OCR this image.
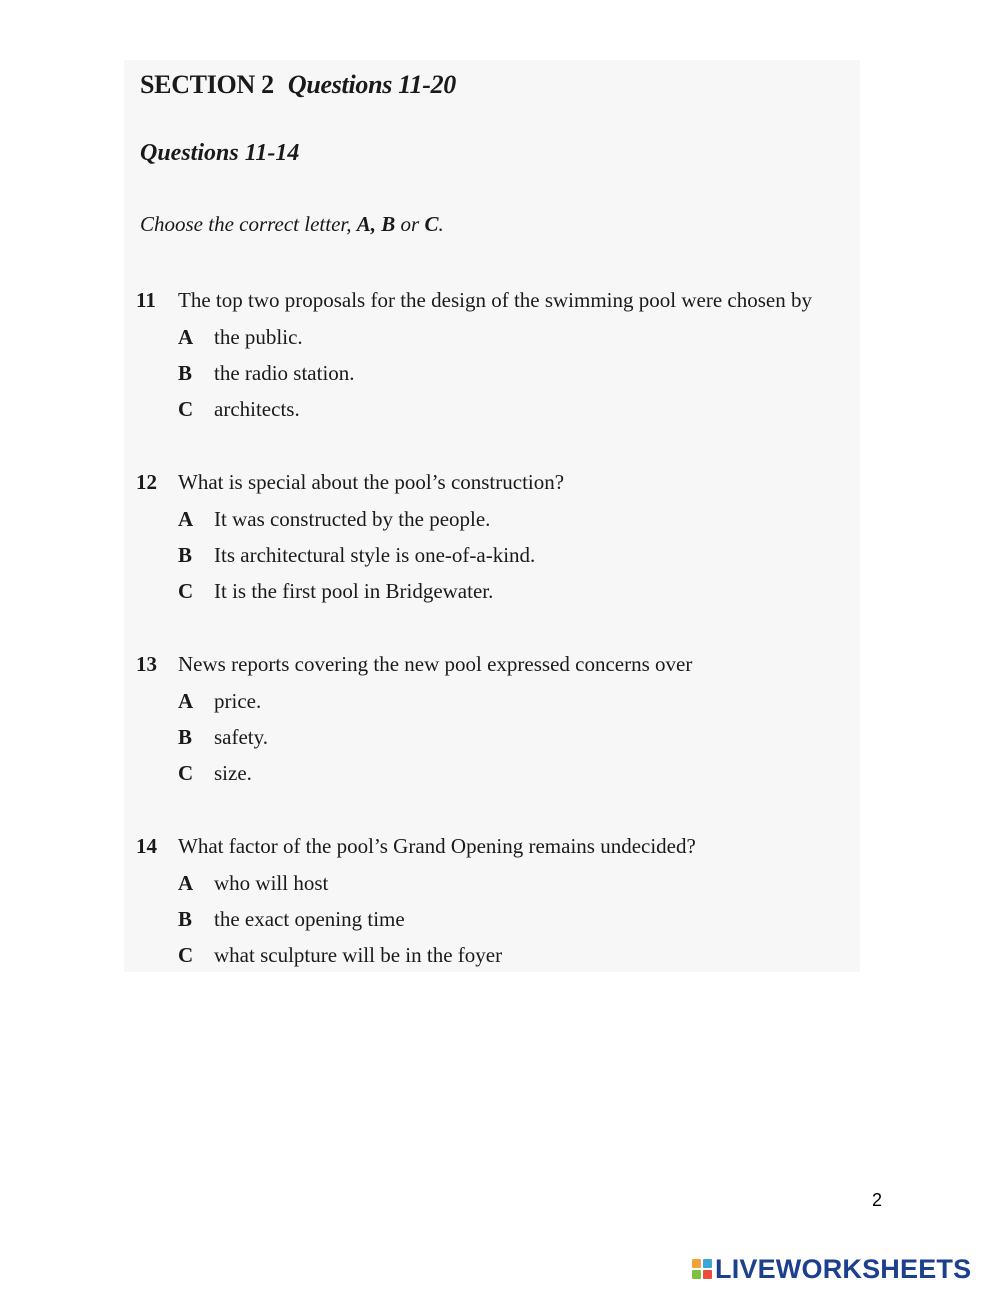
SECTION 2 Questions 11-20
Questions 11-14
Choose the correct letter, A, B or C.
11 The top two proposals for the design of the swimming pool were chosen by
A the public.
B the radio station.
C architects.
12 What is special about the pool’s construction?
A It was constructed by the people.
B Its architectural style is one-of-a-kind.
C It is the first pool in Bridgewater.
13 News reports covering the new pool expressed concerns over
A price.
B safety.
C size.
14 What factor of the pool’s Grand Opening remains undecided?
A who will host
B the exact opening time
C what sculpture will be in the foyer
2
LIVEWORKSHEETS
